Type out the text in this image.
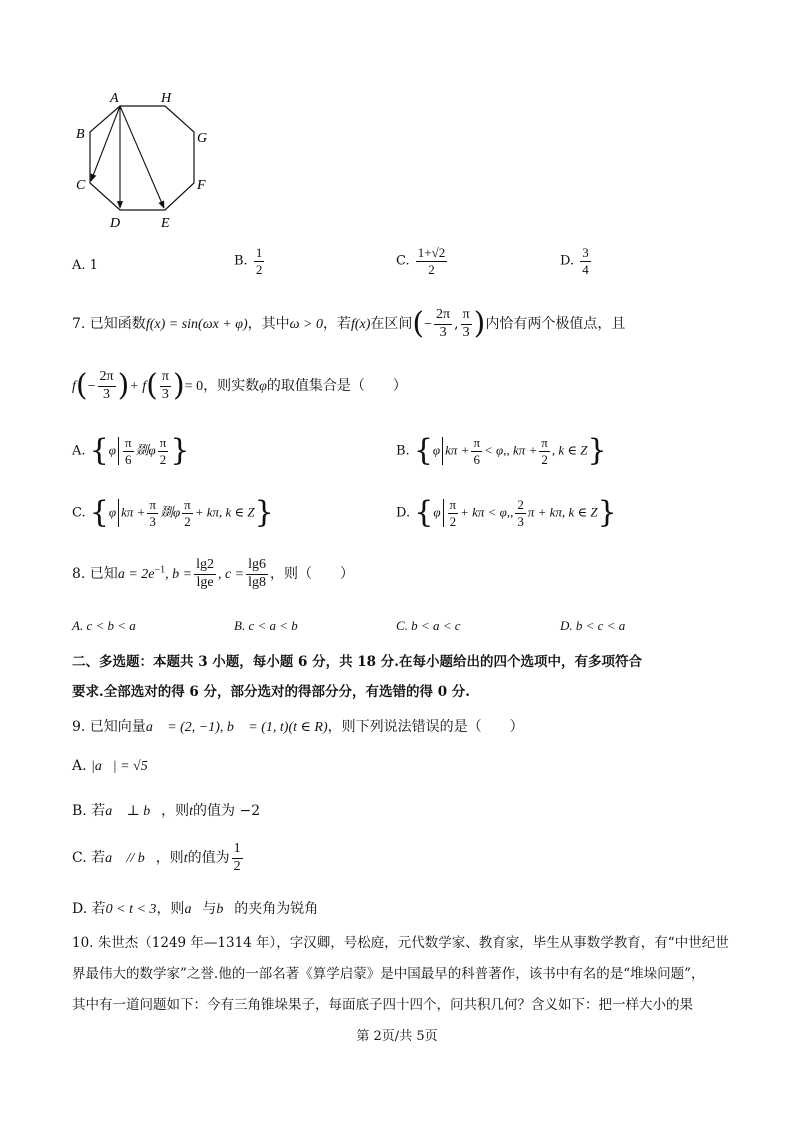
A	H
B	G
C	F
D	E
A. 1	B. $\frac{1}{2}$	C. $\frac{1+√2}{2}$	D. $\frac{3}{4}$
7. 已知函数f(x) = sin(ωx + φ)，其中ω > 0，若f(x)在区间(− $\frac{2\pi}{3}$ , $\frac{\pi}{3}$ )内恰有两个极值点，且
$f(- \frac{2\pi}{3}$ )+ $f( \frac{\pi}{3}$ )= 0，则实数φ的取值集合是（　　）
A. {$\varphi \frac{\pi}{6}$ 剟φ $\frac{\pi}{2}$ }	B. {φ $k\pi + \frac{\pi}{6} < \varphi$,, $k\pi + \frac{\pi}{2}$ , k ∈ Z}
C. {φ $k\pi + \frac{\pi}{3}$ 剟φ $\frac{\pi}{2} + k\pi$, k ∈ Z}	D. {$\varphi \frac{\pi}{2} + k\pi < \varphi$,, $\frac{2}{3}$ π + kπ, k ∈ Z}
8. 已知$a = 2e^{-1}$, $b = \frac{\lg 2}{\lg e}$ , $c = \frac{\lg 6}{\lg 8}$ ，则（　　）
A. c < b < a	B. c < a < b	C. b < a < c	D. b < c < a
二、多选题：本题共 3 小题，每小题 6 分，共 18 分.在每小题给出的四个选项中，有多项符合
要求.全部选对的得 6 分，部分选对的得部分分，有选错的得 0 分.
9. 已知向量a⃗ = (2, −1), b⃗ = (1, t)(t ∈ R)，则下列说法错误的是（　　）
A. |a⃗| = √5
B. 若a⃗ ⊥ b⃗，则t的值为 −2
C. 若a⃗ // b⃗，则t的值为 $\frac{1}{2}$
D. 若0 < t < 3，则a⃗与b⃗的夹角为锐角
10. 朱世杰（1249 年—1314 年），字汉卿，号松庭，元代数学家、教育家，毕生从事数学教育，有“中世纪世
界最伟大的数学家”之誉.他的一部名著《算学启蒙》是中国最早的科普著作，该书中有名的是“堆垛问题”，
其中有一道问题如下：今有三角锥垛果子，每面底子四十四个，问共积几何？含义如下：把一样大小的果
第 2页/共 5页
